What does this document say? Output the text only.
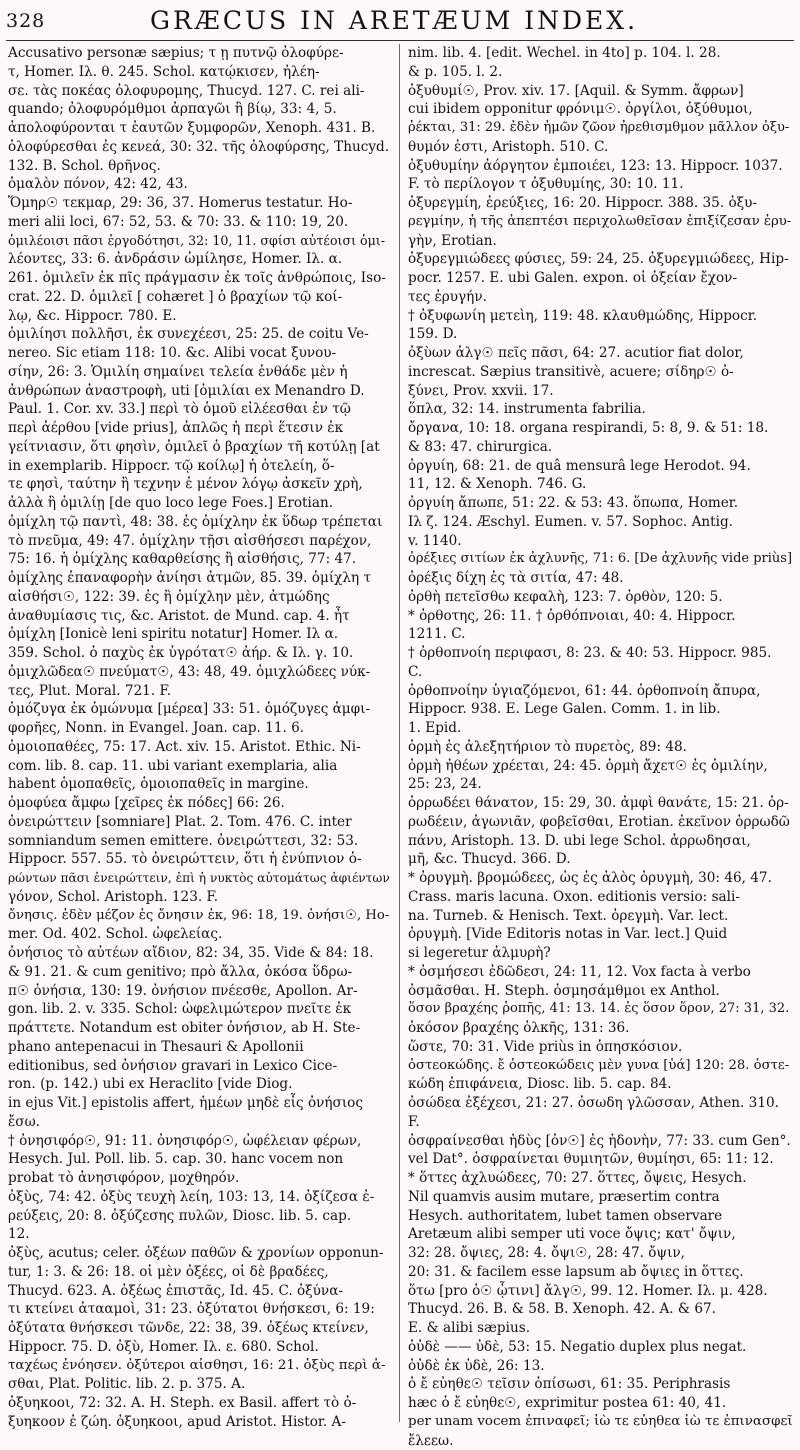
328	GRÆCUS IN ARETÆUM INDEX.
Accusativo personæ sæpius; τ ῃ πυτνῷ ὀλοφύρε-
τ, Homer. Ιλ. θ. 245. Schol. κατῴκισεν, ἠλέη-
σε. τὰς ποκέας ὀλοφυρομης, Thucyd. 127. C. rei ali-
quando; ὀλοφυρόμθμοι ἀρπαγῶι ἣ βίῳ, 33: 4, 5.
ἀπολοφύρονται τ ἑαυτῶν ξυμφορῶν, Xenoph. 431. B.
ὀλοφύρεσθαι ἐς κενεά, 30: 32. τῆς ὀλοφύρσης, Thucyd.
132. B. Schol. θρῆνος.
ὁμαλὸν πόνον, 42: 42, 43.
Ὅμηρ☉ τεκμαρ, 29: 36, 37. Homerus testatur. Ho-
meri alii loci, 67: 52, 53. & 70: 33. & 110: 19, 20.
ὁμιλέοισι πᾶσι ἐργοδότησι, 32: 10, 11. σφίσι αὐτέοισι ὁμι-
λέοντες, 33: 6. ἀνδράσιν ὡμίλησε, Homer. Ιλ. α.
261. ὁμιλεῖν ἐκ πῖς πράγμασιν ἐκ τοῖς ἀνθρώποις, Iso-
crat. 22. D. ὁμιλεῖ [ cohæret ] ὁ βραχίων τῷ κοί-
λῳ, &c. Hippocr. 780. E.
ὁμιλίησι πολλῆσι, ἐκ συνεχέεσι, 25: 25. de coitu Ve-
nereo. Sic etiam 118: 10. &c. Alibi vocat ξυνου-
σίην, 26: 3. Ὁμιλίη σημαίνει τελεία ἐνθάδε μὲν ἡ
ἀνθρώπων ἀναστροφὴ, uti [ὁμιλίαι ex Menandro D.
Paul. 1. Cor. xv. 33.] περὶ τὸ ὁμοῦ εἰλέεσθαι ἐν τῷ
περὶ ἀέρθου [vide prius], ἁπλῶς ἡ περὶ ἕτεσιν ἐκ
γείτνιασιν, ὅτι φησὶν, ὁμιλεῖ ὁ βραχίων τῆ κοτύλῃ [at
in exemplarib. Hippocr. τῷ κοίλῳ] ἡ ὁτελείη, ὅ-
τε φησὶ, ταύτην ἢ τεχνην ἐ μένον λόγῳ ἀσκεῖν χρὴ,
ἀλλὰ ἢ ὁμιλίῃ [de quo loco lege Foes.] Erotian.
ὁμίχλη τῷ παντὶ, 48: 38. ἐς ὁμίχλην ἐκ ὕδωρ τρέπεται
τὸ πνεῦμα, 49: 47. ὁμίχλην τῇσι αἰσθήσεσι παρέχον,
75: 16. ἡ ὁμίχλης καθαρθείσης ἢ αἰσθήσις, 77: 47.
ὁμίχλης ἐπαναφορὴν ἀνίησι ἀτμῶν, 85. 39. ὁμίχλη τ
αἰσθήσι☉, 122: 39. ἐς ἢ ὁμίχλην μὲν, ἀτμώδης
ἀναθυμίασις τις, &c. Aristot. de Mund. cap. 4. ἦτ
ὁμίχλη [Ionicè leni spiritu notatur] Homer. Ιλ α.
359. Schol. ὁ παχὺς ἐκ ὑγρότατ☉ ἀήρ. & Ιλ. γ. 10.
ὁμιχλῶδεα☉ πνεύματ☉, 43: 48, 49. ὁμιχλώδεες νύκ-
τες, Plut. Moral. 721. F.
ὁμόζυγα ἐκ ὁμώνυμα [μέρεα] 33: 51. ὁμόζυγες ἀμφι-
φορῆες, Nonn. in Evangel. Joan. cap. 11. 6.
ὁμοιοπαθέες, 75: 17. Act. xiv. 15. Aristot. Ethic. Ni-
com. lib. 8. cap. 11. ubi variant exemplaria, alia
habent ὁμοπαθεῖς, ὁμοιοπαθεῖς in margine.
ὁμοφύεα ἄμφω [χεῖρες ἐκ πόδες] 66: 26.
ὀνειρώττειν [somniare] Plat. 2. Tom. 476. C. inter
somniandum semen emittere. ὀνειρώττεσι, 32: 53.
Hippocr. 557. 55. τὸ ὀνειρώττειν, ὅτι ἡ ἐνύπνιον ὁ-
ρώντων πᾶσι ἐνειρώττειν, ἐπὶ ἡ νυκτὸς αὐτομάτως ἀφιέντων
γόνον, Schol. Aristoph. 123. F.
ὄνησις. ἐδὲν μέζον ἐς ὄνησιν ἐκ, 96: 18, 19. ὀνήσι☉, Ho-
mer. Od. 402. Schol. ὠφελείας.
ὀνήσιος τὸ αὐτέων αἴδιον, 82: 34, 35. Vide & 84: 18.
& 91. 21. & cum genitivo; πρὸ ἄλλα, ὁκόσα ὕδρω-
π☉ ὀνήσια, 130: 19. ὀνήσιον πνέεσθε, Apollon. Ar-
gon. lib. 2. v. 335. Schol: ὠφελιμώτερον πνεῖτε ἐκ
πράττετε. Notandum est obiter ὀνήσιον, ab H. Ste-
phano antepenacui in Thesauri & Apollonii
editionibus, sed ὀνήσιον gravari in Lexico Cice-
ron. (p. 142.) ubi ex Heraclito [vide Diog.
in ejus Vit.] epistolis affert, ἡμέων μηδὲ εἶς ὀνήσιος
ἔσω.
† ὀνησιφόρ☉, 91: 11. ὀνησιφόρ☉, ὠφέλειαν φέρων,
Hesych. Jul. Poll. lib. 5. cap. 30. hanc vocem non
probat τὸ ἀνησιφόρον, μοχθηρόν.
ὀξὺς, 74: 42. ὀξὺς τευχὴ λείη, 103: 13, 14. ὀξίζεσα ἐ-
ρεύξεις, 20: 8. ὀξύζεσης πυλῶν, Diosc. lib. 5. cap.
12.
ὀξὺς, acutus; celer. ὀξέων παθῶν & χρονίων opponun-
tur, 1: 3. & 26: 18. οἱ μὲν ὀξέες, οἱ δὲ βραδέες,
Thucyd. 623. A. ὀξέως ἐπιστᾶς, Id. 45. C. ὀξύνα-
τι κτείνει ἀτααμοὶ, 31: 23. ὀξύτατοι θνήσκεσι, 6: 19:
ὀξύτατα θνήσκεσι τῶνδε, 22: 38, 39. ὀξέως κτείνεν,
Hippocr. 75. D. ὀξὺ, Homer. Ιλ. ε. 680. Schol.
ταχέως ἐνόησεν. ὀξύτεροι αἰσθησι, 16: 21. ὀξὺς περὶ ἀ-
σθαι, Plat. Politic. lib. 2. p. 375. A.
ὀξυηκοοι, 72: 32. A. H. Steph. ex Basil. affert τὸ ὀ-
ξυηκοον ἐ ζώη. ὀξυηκοοι, apud Aristot. Histor. A-
nim. lib. 4. [edit. Wechel. in 4to] p. 104. l. 28.
& p. 105. l. 2.
ὀξυθυμί☉, Prov. xiv. 17. [Aquil. & Symm. ἄφρων]
cui ibidem opponitur φρόνιμ☉. ὀργίλοι, ὀξύθυμοι,
ῥέκται, 31: 29. ἐδὲν ἡμῶν ζῶον ἠρεθισμθμον μᾶλλον ὀξυ-
θυμόν ἐστι, Aristoph. 510. C.
ὀξυθυμίην ἀόργητον ἐμποιέει, 123: 13. Hippocr. 1037.
F. τὸ περίλογον τ ὀξυθυμίης, 30: 10. 11.
ὀξυρεγμίη, ἐρεύξιες, 16: 20. Hippocr. 388. 35. ὀξυ-
ρεγμίην, ἡ τῆς ἀπεπτέσι περιχολωθεῖσαν ἐπιξίζεσαν ἐρυ-
γὴν, Erotian.
ὀξυρεγμιώδεες φύσιες, 59: 24, 25. ὀξυρεγμιώδεες, Hip-
pocr. 1257. E. ubi Galen. expon. οἱ ὀξείαν ἔχον-
τες ἐρυγήν.
† ὀξυφωνίη μετεὶη, 119: 48. κλαυθμώδης, Hippocr.
159. D.
ὀξὺων ἀλγ☉ πεῖς πᾶσι, 64: 27. acutior fiat dolor,
increscat. Sæpius transitivè, acuere; σίδηρ☉ ὀ-
ξύνει, Prov. xxvii. 17.
ὅπλα, 32: 14. instrumenta fabrilia.
ὄργανα, 10: 18. organa respirandi, 5: 8, 9. & 51: 18.
& 83: 47. chirurgica.
ὀργυίη, 68: 21. de quâ mensurâ lege Herodot. 94.
11, 12. & Xenoph. 746. G.
ὀργυίη ἄπωπε, 51: 22. & 53: 43. ὅπωπα, Homer.
Ιλ ζ. 124. Æschyl. Eumen. v. 57. Sophoc. Antig.
v. 1140.
ὀρέξιες σιτίων ἐκ ἀχλυνῆς, 71: 6. [De ἀχλυνῆς vide priùs]
ὀρέξις δίχη ἐς τὰ σιτία, 47: 48.
ὀρθὴ πετεῖσθω κεφαλὴ, 123: 7. ὀρθὸν, 120: 5.
* ὀρθοτης, 26: 11. † ὀρθόπνοιαι, 40: 4. Hippocr.
1211. C.
† ὀρθοπνοίη περιφασι, 8: 23. & 40: 53. Hippocr. 985.
C.
ὀρθοπνοίην ὑγιαζόμενοι, 61: 44. ὀρθοπνοίη ἄπυρα,
Hippocr. 938. E. Lege Galen. Comm. 1. in lib.
1. Epid.
ὀρμὴ ἐς ἀλεξητήριον τὸ πυρετὸς, 89: 48.
ὀρμὴ ἠθέων χρέεται, 24: 45. ὀρμὴ ἄχετ☉ ἐς ὁμιλίην,
25: 23, 24.
ὀρρωδέει θάνατον, 15: 29, 30. ἀμφὶ θανάτε, 15: 21. ὀρ-
ρωδέειν, ἀγωνιᾶν, φοβεῖσθαι, Erotian. ἐκεῖνον ὀρρωδῶ
πάνυ, Aristoph. 13. D. ubi lege Schol. ἀρρωδησαι,
μῆ, &c. Thucyd. 366. D.
* ὀρυγμὴ. βρομώδεες, ὡς ἐς ἀλὸς ὀρυγμὴ, 30: 46, 47.
Crass. maris lacuna. Oxon. editionis versio: sali-
na. Turneb. & Henisch. Text. ὀρεγμὴ. Var. lect.
ὀρυγμὴ. [Vide Editoris notas in Var. lect.] Quid
si legeretur ἀλμυρὴ?
* ὀσμήσεσι ἐδῶδεσι, 24: 11, 12. Vox facta à verbo
ὀσμᾶσθαι. H. Steph. ὀσμησάμθμοι ex Anthol.
ὅσον βραχέης ῥοπῆς, 41: 13. 14. ἐς ὅσον ὅρον, 27: 31, 32.
ὁκόσον βραχέης ὁλκῆς, 131: 36.
ὥστε, 70: 31. Vide priùs in ὁπησκόσιον.
ὀστεοκώδης. ἔ ὀστεοκώδεις μὲν γυνα [ὑά] 120: 28. ὀστε-
κώδη ἐπιφάνεια, Diosc. lib. 5. cap. 84.
ὀσώδεα ἐξέχεσι, 21: 27. ὀσωδη γλῶσσαν, Athen. 310.
F.
ὀσφραίνεσθαι ἡδὺς [ὀν☉] ἐς ἡδονὴν, 77: 33. cum Gen°.
vel Dat°. ὀσφραίνεται θυμιητῶν, θυμίησι, 65: 11: 12.
* ὅττες ἀχλυώδεες, 70: 27. ὅττες, ὄψεις, Hesych.
Nil quamvis ausim mutare, præsertim contra
Hesych. authoritatem, lubet tamen observare
Aretæum alibi semper uti voce ὄψις; κατ' ὄψιν,
32: 28. ὄψιες, 28: 4. ὄψι☉, 28: 47. ὄψιν,
20: 31. & facilem esse lapsum ab ὄψιες in ὅττες.
ὅτω [pro ὁ☉ ᾧτινι] ἄλγ☉, 99. 12. Homer. Ιλ. μ. 428.
Thucyd. 26. B. & 58. B. Xenoph. 42. A. & 67.
E. & alibi sæpius.
ὀὐδὲ —— ὐδὲ, 53: 15. Negatio duplex plus negat.
ὀὐδὲ ἐκ ὐδὲ, 26: 13.
ὀ ἔ εὐηθε☉ τεῖσιν ὁπίσωσι, 61: 35. Periphrasis
hæc ὁ ἔ εὐηθε☉, exprimitur postea 61: 40, 41.
per unam vocem ἐπιναφεῖ; ἰὼ τε εὐηθεα ἰὼ τε ἐπινασφεῖ
ἔλεεω.
